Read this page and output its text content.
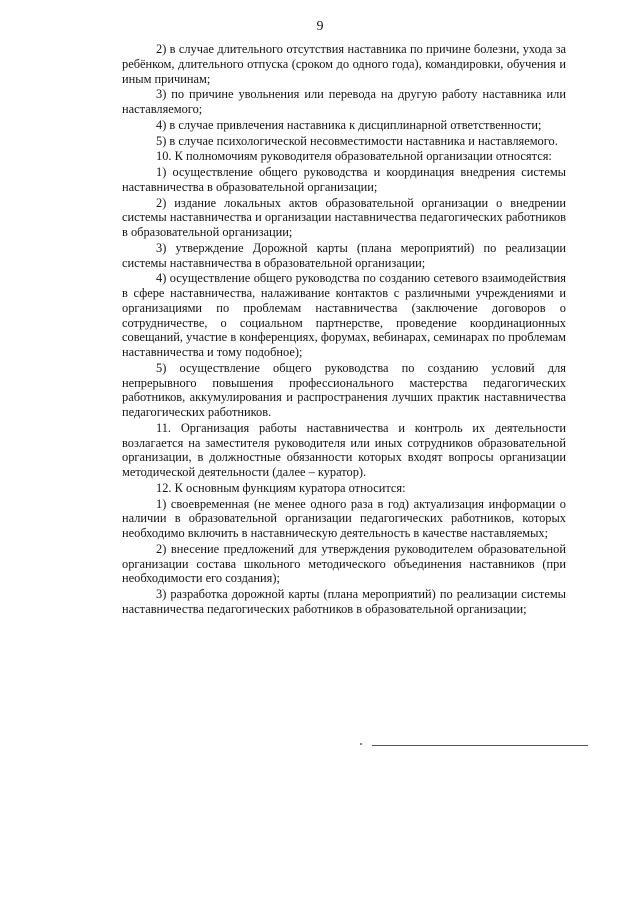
9

2) в случае длительного отсутствия наставника по причине болезни, ухода за ребёнком, длительного отпуска (сроком до одного года), командировки, обучения и иным причинам;

3) по причине увольнения или перевода на другую работу наставника или наставляемого;

4) в случае привлечения наставника к дисциплинарной ответственности;

5) в случае психологической несовместимости наставника и наставляемого.

10. К полномочиям руководителя образовательной организации относятся:

1) осуществление общего руководства и координация внедрения системы наставничества в образовательной организации;

2) издание локальных актов образовательной организации о внедрении системы наставничества и организации наставничества педагогических работников в образовательной организации;

3) утверждение Дорожной карты (плана мероприятий) по реализации системы наставничества в образовательной организации;

4) осуществление общего руководства по созданию сетевого взаимодействия в сфере наставничества, налаживание контактов с различными учреждениями и организациями по проблемам наставничества (заключение договоров о сотрудничестве, о социальном партнерстве, проведение координационных совещаний, участие в конференциях, форумах, вебинарах, семинарах по проблемам наставничества и тому подобное);

5) осуществление общего руководства по созданию условий для непрерывного повышения профессионального мастерства педагогических работников, аккумулирования и распространения лучших практик наставничества педагогических работников.

11. Организация работы наставничества и контроль их деятельности возлагается на заместителя руководителя или иных сотрудников образовательной организации, в должностные обязанности которых входят вопросы организации методической деятельности (далее – куратор).

12. К основным функциям куратора относится:

1) своевременная (не менее одного раза в год) актуализация информации о наличии в образовательной организации педагогических работников, которых необходимо включить в наставническую деятельность в качестве наставляемых;

2) внесение предложений для утверждения руководителем образовательной организации состава школьного методического объединения наставников (при необходимости его создания);

3) разработка дорожной карты (плана мероприятий) по реализации системы наставничества педагогических работников в образовательной организации;
